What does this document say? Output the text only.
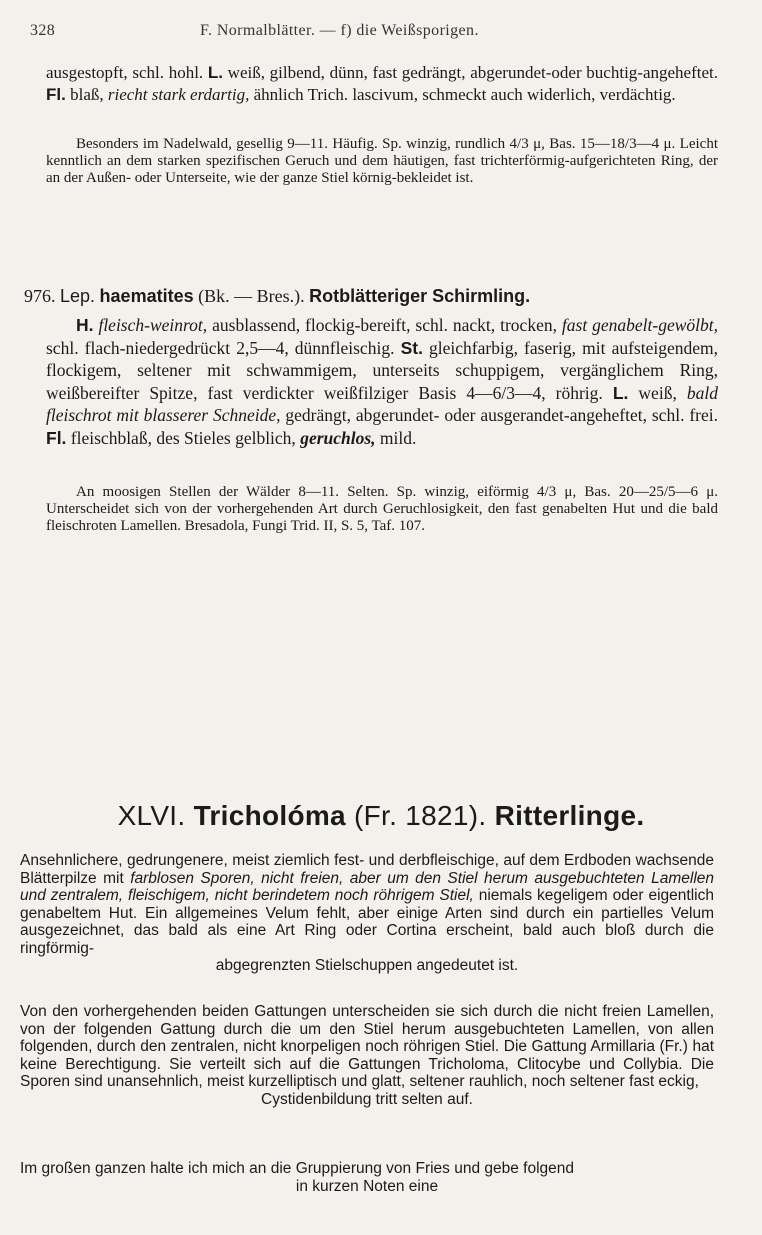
328	F. Normalblätter. — f) die Weißsporigen.
ausgestopft, schl. hohl. L. weiß, gilbend, dünn, fast gedrängt, abgerundet-oder buchtig-angeheftet. Fl. blaß, riecht stark erdartig, ähnlich Trich. lascivum, schmeckt auch widerlich, verdächtig.
Besonders im Nadelwald, gesellig 9—11. Häufig. Sp. winzig, rundlich 4/3 μ, Bas. 15—18/3—4 μ. Leicht kenntlich an dem starken spezifischen Geruch und dem häutigen, fast trichterförmig-aufgerichteten Ring, der an der Außen- oder Unterseite, wie der ganze Stiel körnig-bekleidet ist.
976. Lep. haematites (Bk. — Bres.). Rotblätteriger Schirmling.
H. fleisch-weinrot, ausblassend, flockig-bereift, schl. nackt, trocken, fast genabelt-gewölbt, schl. flach-niedergedrückt 2,5—4, dünnfleischig. St. gleichfarbig, faserig, mit aufsteigendem, flockigem, seltener mit schwammigem, unterseits schuppigem, vergänglichem Ring, weißbereifter Spitze, fast verdickter weißfilziger Basis 4—6/3—4, röhrig. L. weiß, bald fleischrot mit blasserer Schneide, gedrängt, abgerundet- oder ausgerandet-angeheftet, schl. frei. Fl. fleischblaß, des Stieles gelblich, geruchlos, mild.
An moosigen Stellen der Wälder 8—11. Selten. Sp. winzig, eiförmig 4/3 μ, Bas. 20—25/5—6 μ. Unterscheidet sich von der vorhergehenden Art durch Geruchlosigkeit, den fast genabelten Hut und die bald fleischroten Lamellen. Bresadola, Fungi Trid. II, S. 5, Taf. 107.
XLVI. Tricholóma (Fr. 1821). Ritterlinge.
Ansehnlichere, gedrungenere, meist ziemlich fest- und derbfleischige, auf dem Erdboden wachsende Blätterpilze mit farblosen Sporen, nicht freien, aber um den Stiel herum ausgebuchteten Lamellen und zentralem, fleischigem, nicht berindetem noch röhrigem Stiel, niemals kegeligem oder eigentlich genabeltem Hut. Ein allgemeines Velum fehlt, aber einige Arten sind durch ein partielles Velum ausgezeichnet, das bald als eine Art Ring oder Cortina erscheint, bald auch bloß durch die ringförmig-
abgegrenzten Stielschuppen angedeutet ist.
Von den vorhergehenden beiden Gattungen unterscheiden sie sich durch die nicht freien Lamellen, von der folgenden Gattung durch die um den Stiel herum ausgebuchteten Lamellen, von allen folgenden, durch den zentralen, nicht knorpeligen noch röhrigen Stiel. Die Gattung Armillaria (Fr.) hat keine Berechtigung. Sie verteilt sich auf die Gattungen Tricholoma, Clitocybe und Collybia. Die Sporen sind unansehnlich, meist kurzelliptisch und glatt, seltener rauhlich, noch seltener fast eckig,
Cystidenbildung tritt selten auf.
Im großen ganzen halte ich mich an die Gruppierung von Fries und gebe folgend
in kurzen Noten eine
